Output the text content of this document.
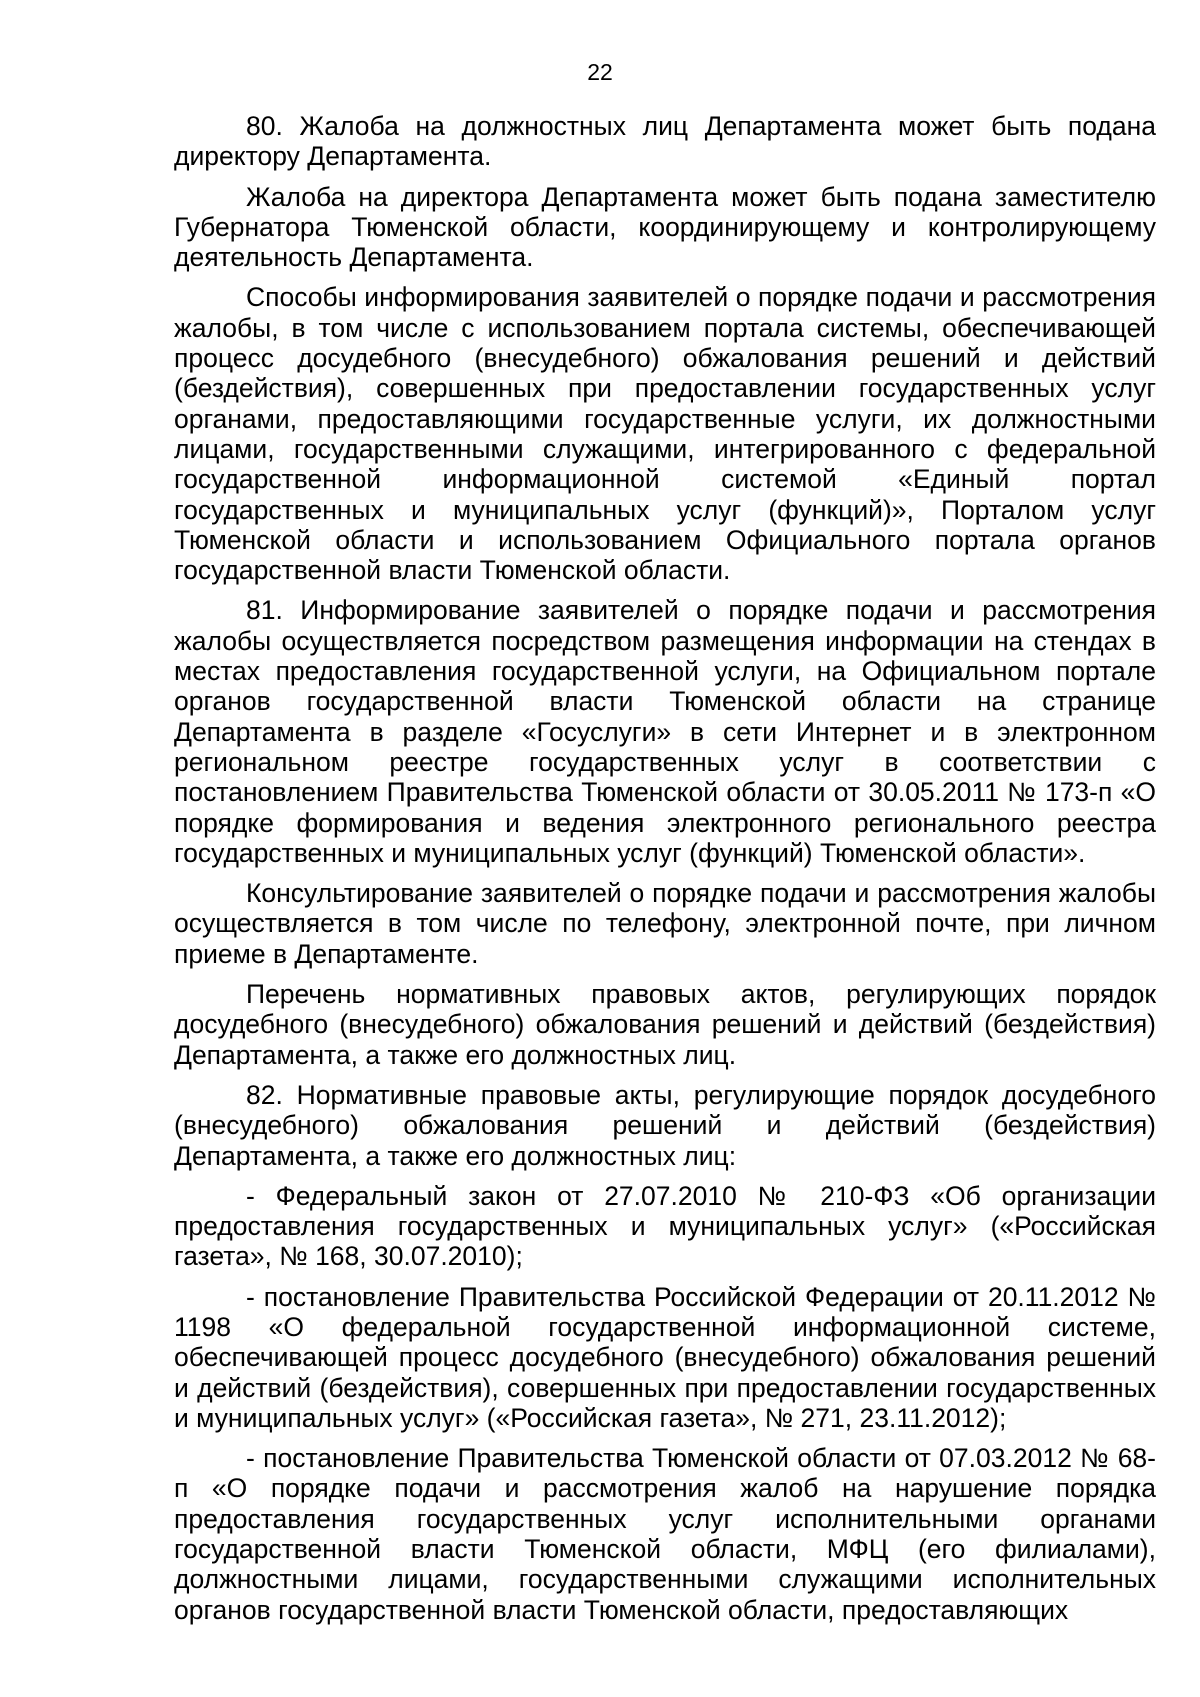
22

80. Жалоба на должностных лиц Департамента может быть подана директору Департамента.

Жалоба на директора Департамента может быть подана заместителю Губернатора Тюменской области, координирующему и контролирующему деятельность Департамента.

Способы информирования заявителей о порядке подачи и рассмотрения жалобы, в том числе с использованием портала системы, обеспечивающей процесс досудебного (внесудебного) обжалования решений и действий (бездействия), совершенных при предоставлении государственных услуг органами, предоставляющими государственные услуги, их должностными лицами, государственными служащими, интегрированного с федеральной государственной информационной системой «Единый портал государственных и муниципальных услуг (функций)», Порталом услуг Тюменской области и использованием Официального портала органов государственной власти Тюменской области.

81. Информирование заявителей о порядке подачи и рассмотрения жалобы осуществляется посредством размещения информации на стендах в местах предоставления государственной услуги, на Официальном портале органов государственной власти Тюменской области на странице Департамента в разделе «Госуслуги» в сети Интернет и в электронном региональном реестре государственных услуг в соответствии с постановлением Правительства Тюменской области от 30.05.2011 № 173-п «О порядке формирования и ведения электронного регионального реестра государственных и муниципальных услуг (функций) Тюменской области».

Консультирование заявителей о порядке подачи и рассмотрения жалобы осуществляется в том числе по телефону, электронной почте, при личном приеме в Департаменте.

Перечень нормативных правовых актов, регулирующих порядок досудебного (внесудебного) обжалования решений и действий (бездействия) Департамента, а также его должностных лиц.

82. Нормативные правовые акты, регулирующие порядок досудебного (внесудебного) обжалования решений и действий (бездействия) Департамента, а также его должностных лиц:

- Федеральный закон от 27.07.2010 № 210-ФЗ «Об организации предоставления государственных и муниципальных услуг» («Российская газета», № 168, 30.07.2010);

- постановление Правительства Российской Федерации от 20.11.2012 № 1198 «О федеральной государственной информационной системе, обеспечивающей процесс досудебного (внесудебного) обжалования решений и действий (бездействия), совершенных при предоставлении государственных и муниципальных услуг» («Российская газета», № 271, 23.11.2012);

- постановление Правительства Тюменской области от 07.03.2012 № 68-п «О порядке подачи и рассмотрения жалоб на нарушение порядка предоставления государственных услуг исполнительными органами государственной власти Тюменской области, МФЦ (его филиалами), должностными лицами, государственными служащими исполнительных органов государственной власти Тюменской области, предоставляющих
